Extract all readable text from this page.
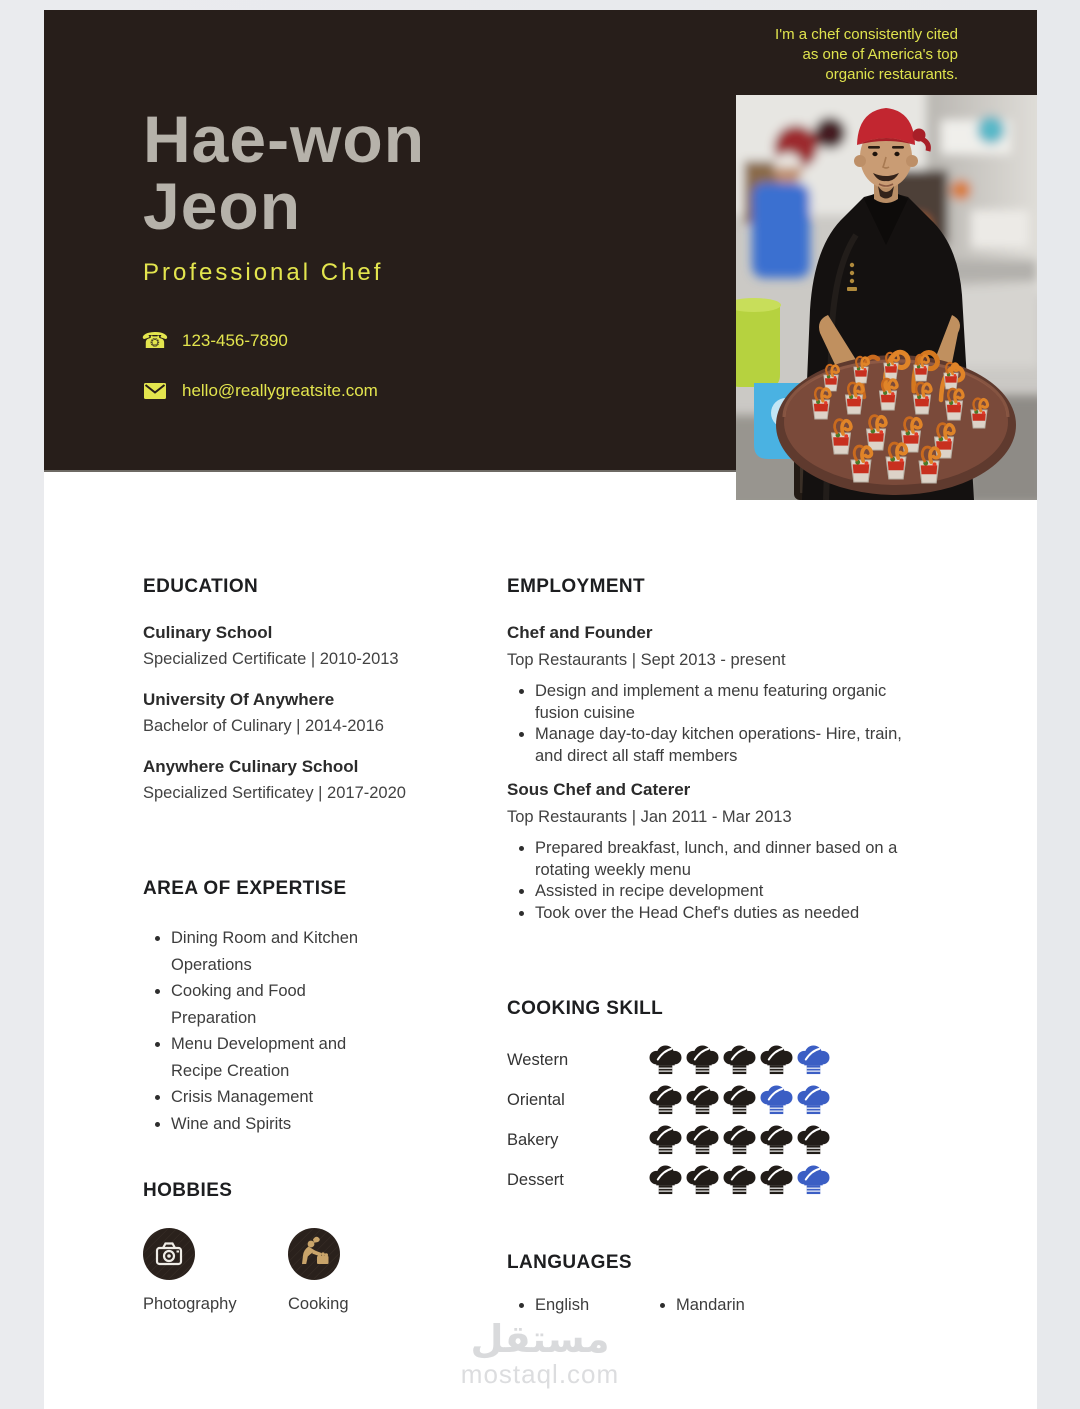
I'm a chef consistently cited
as one of America's top
organic restaurants.
Hae-won
Jeon
Professional Chef
☎ 123-456-7890
hello@reallygreatsite.com
EDUCATION
Culinary School
Specialized Certificate | 2010-2013
University Of Anywhere
Bachelor of Culinary | 2014-2016
Anywhere Culinary School
Specialized Sertificatey | 2017-2020
AREA OF EXPERTISE
Dining Room and Kitchen Operations
Cooking and Food Preparation
Menu Development and Recipe Creation
Crisis Management
Wine and Spirits
HOBBIES
Photography	Cooking
EMPLOYMENT
Chef and Founder
Top Restaurants | Sept 2013 - present
Design and implement a menu featuring organic fusion cuisine
Manage day-to-day kitchen operations- Hire, train, and direct all staff members
Sous Chef and Caterer
Top Restaurants | Jan 2011 - Mar 2013
Prepared breakfast, lunch, and dinner based on a rotating weekly menu
Assisted in recipe development
Took over the Head Chef's duties as needed
COOKING SKILL
Western
Oriental
Bakery
Dessert
LANGUAGES
English	Mandarin
مستقل
mostaql.com
